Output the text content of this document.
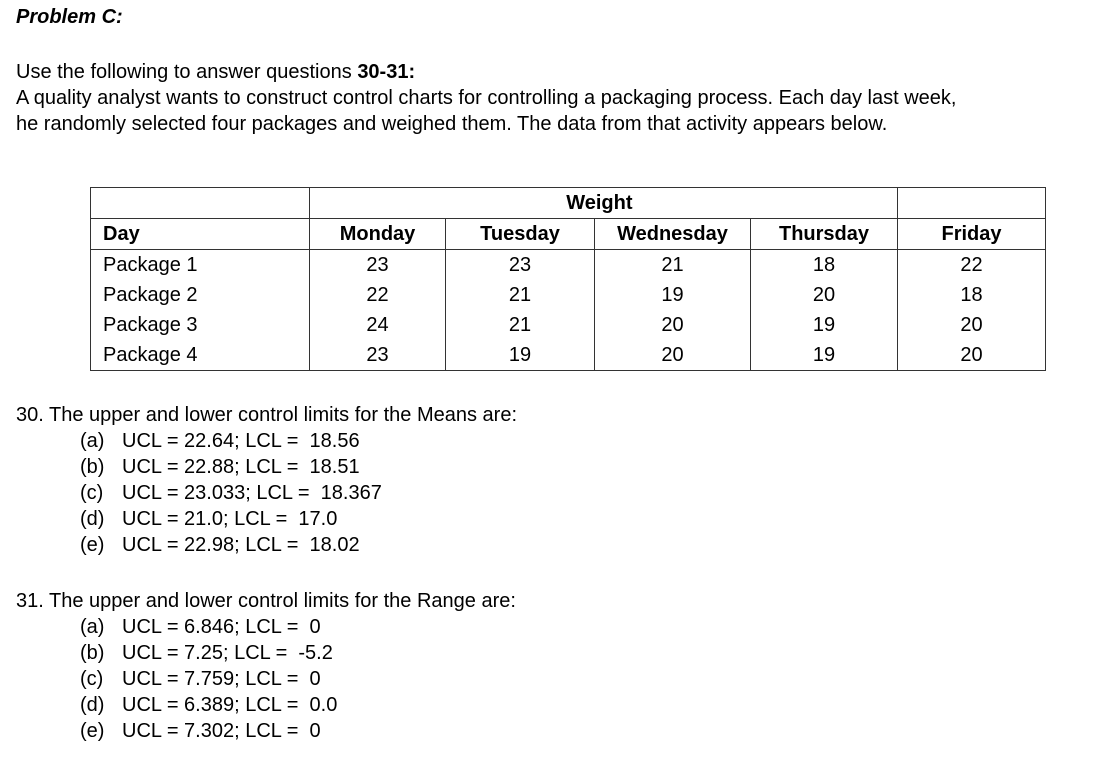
Problem C:
Use the following to answer questions 30-31:
A quality analyst wants to construct control charts for controlling a packaging process. Each day last week,
he randomly selected four packages and weighed them. The data from that activity appears below.
	Weight				
Day	Monday	Tuesday	Wednesday	Thursday	Friday
Package 1	23	23	21	18	22
Package 2	22	21	19	20	18
Package 3	24	21	20	19	20
Package 4	23	19	20	19	20
30. The upper and lower control limits for the Means are:
(a) UCL = 22.64; LCL =  18.56
(b) UCL = 22.88; LCL =  18.51
(c) UCL = 23.033; LCL =  18.367
(d) UCL = 21.0; LCL =  17.0
(e) UCL = 22.98; LCL =  18.02
31. The upper and lower control limits for the Range are:
(a) UCL = 6.846; LCL =  0
(b) UCL = 7.25; LCL =  -5.2
(c) UCL = 7.759; LCL =  0
(d) UCL = 6.389; LCL =  0.0
(e) UCL = 7.302; LCL =  0
